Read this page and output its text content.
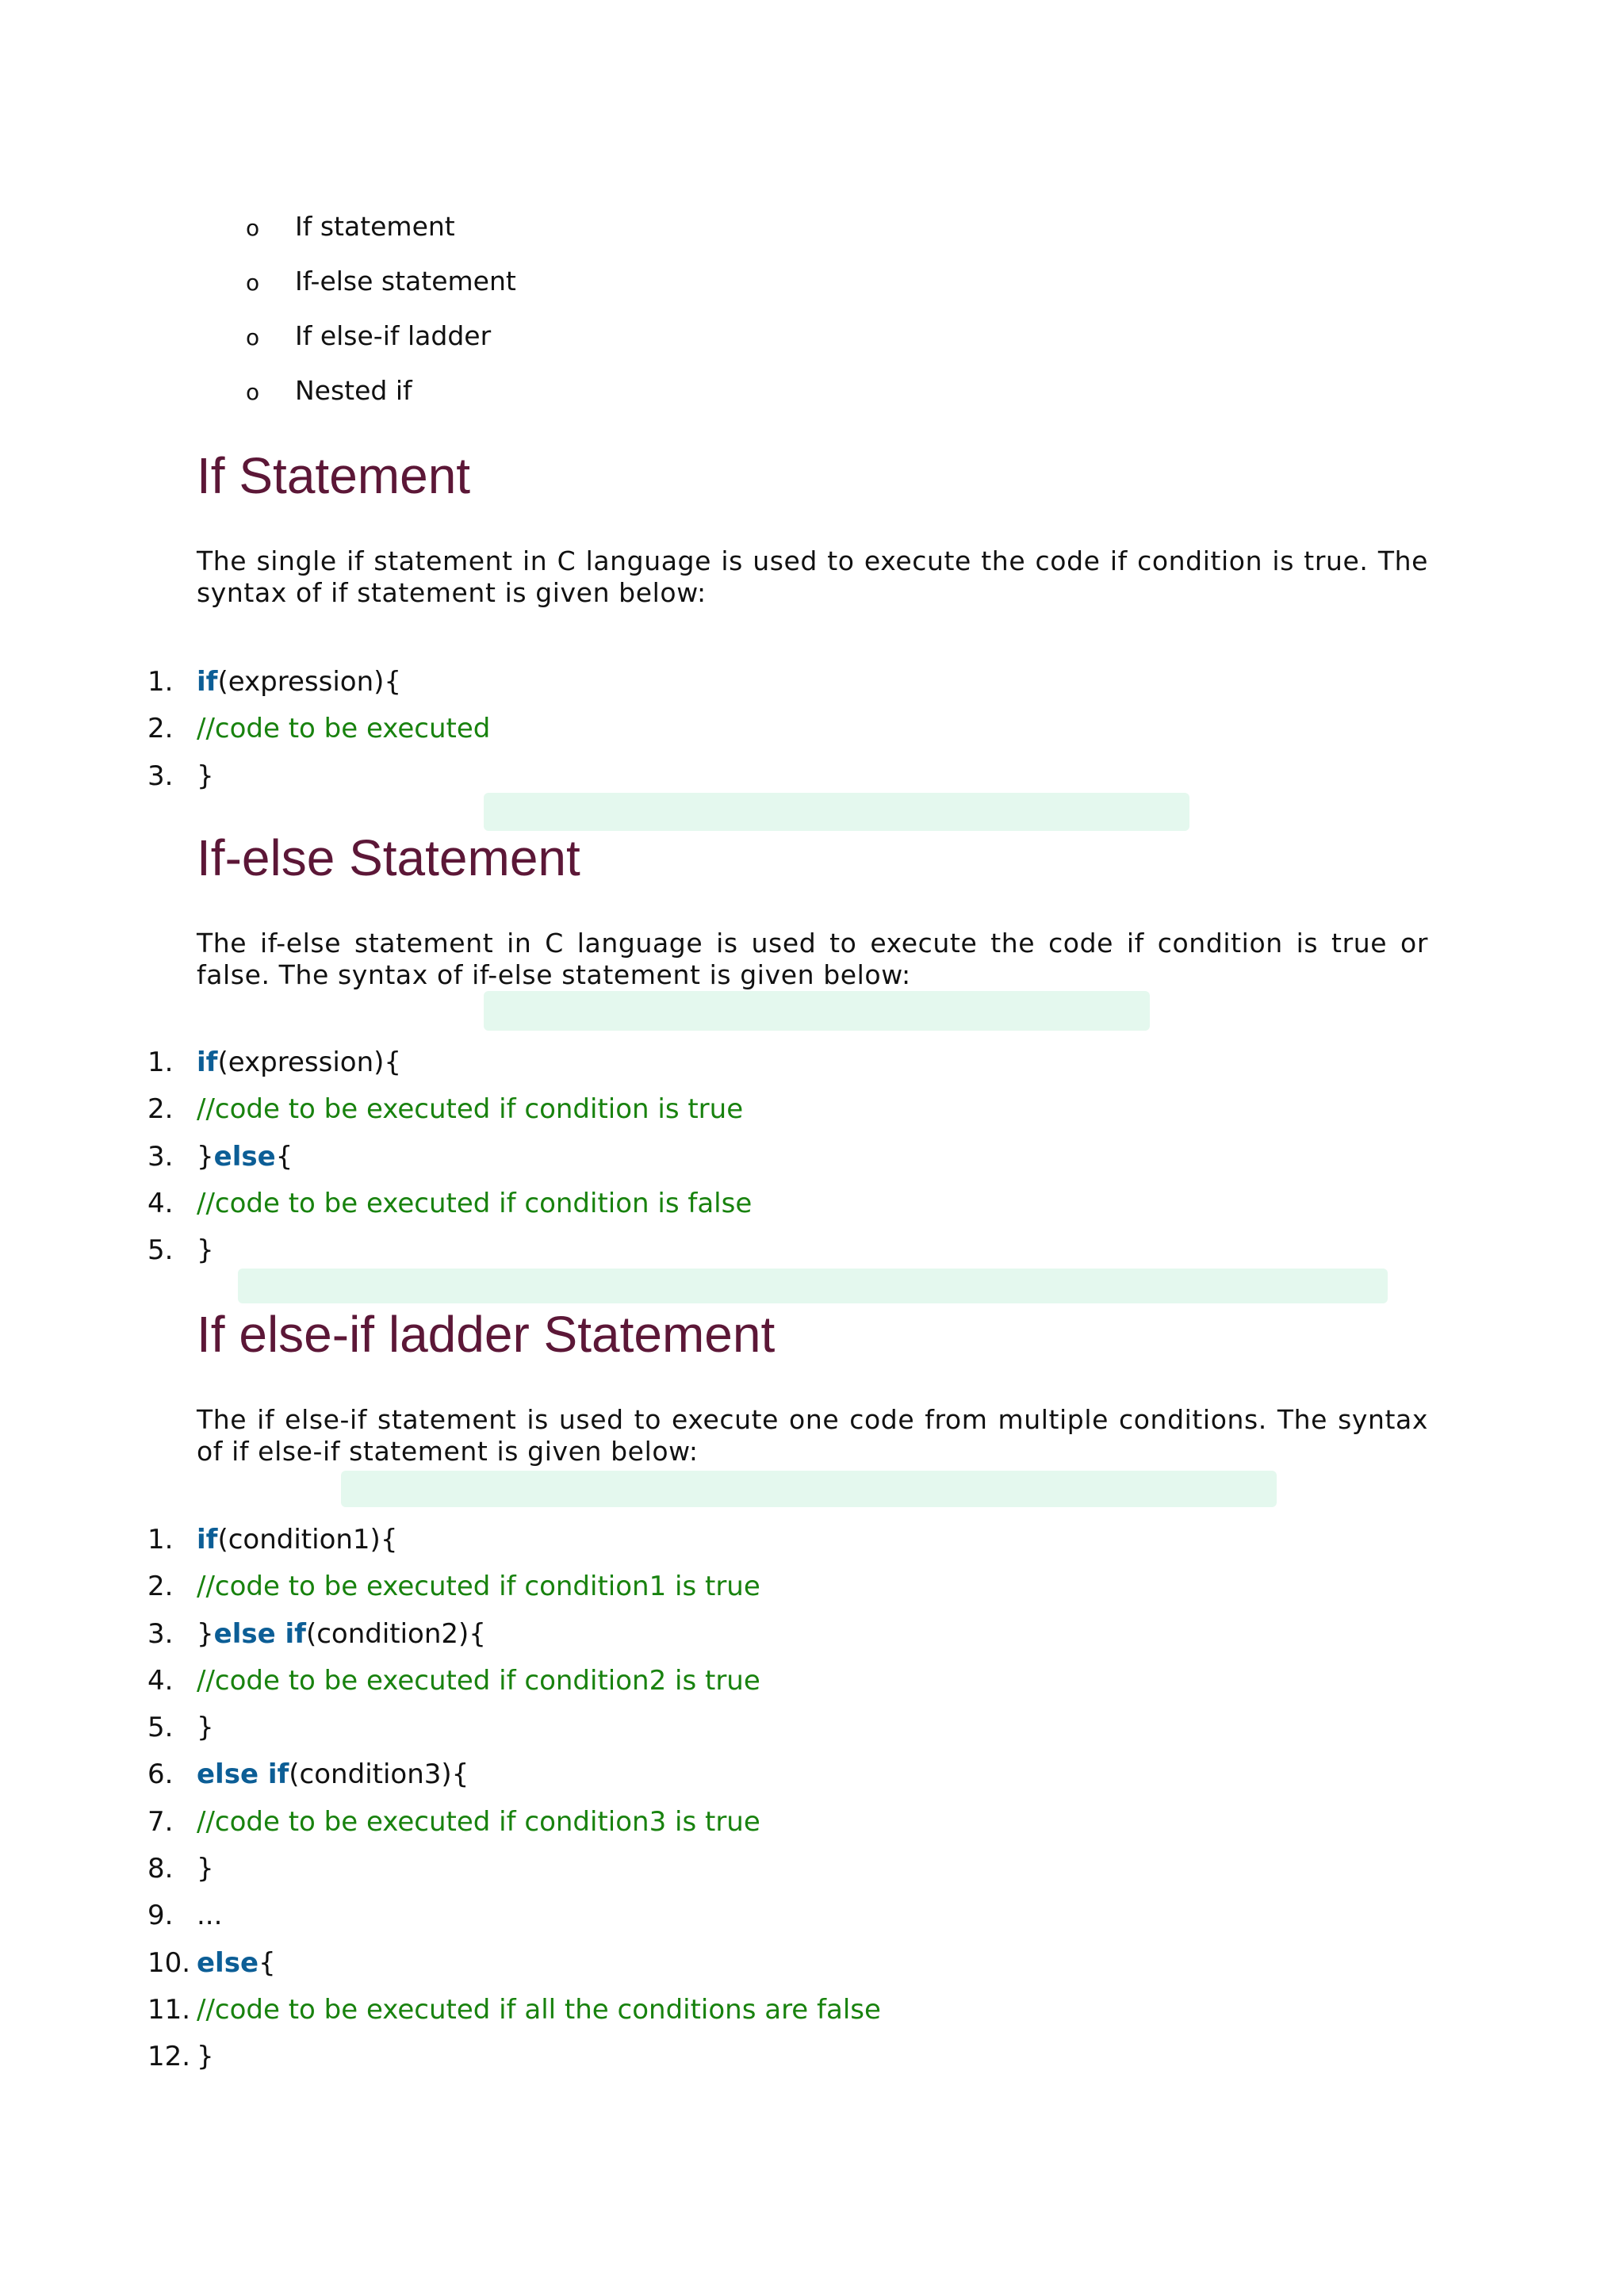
o	If statement
o	If-else statement
o	If else-if ladder
o	Nested if
If Statement

The single if statement in C language is used to execute the code if condition is true. The syntax of if statement is given below:

1. if(expression){
2. //code to be executed
3. }
If-else Statement

The if-else statement in C language is used to execute the code if condition is true or false. The syntax of if-else statement is given below:

1. if(expression){
2. //code to be executed if condition is true
3. }else{
4. //code to be executed if condition is false
5. }
If else-if ladder Statement

The if else-if statement is used to execute one code from multiple conditions. The syntax of if else-if statement is given below:

1. if(condition1){
2. //code to be executed if condition1 is true
3. }else if(condition2){
4. //code to be executed if condition2 is true
5. }
6. else if(condition3){
7. //code to be executed if condition3 is true
8. }
9. ...
10. else{
11. //code to be executed if all the conditions are false
12. }
